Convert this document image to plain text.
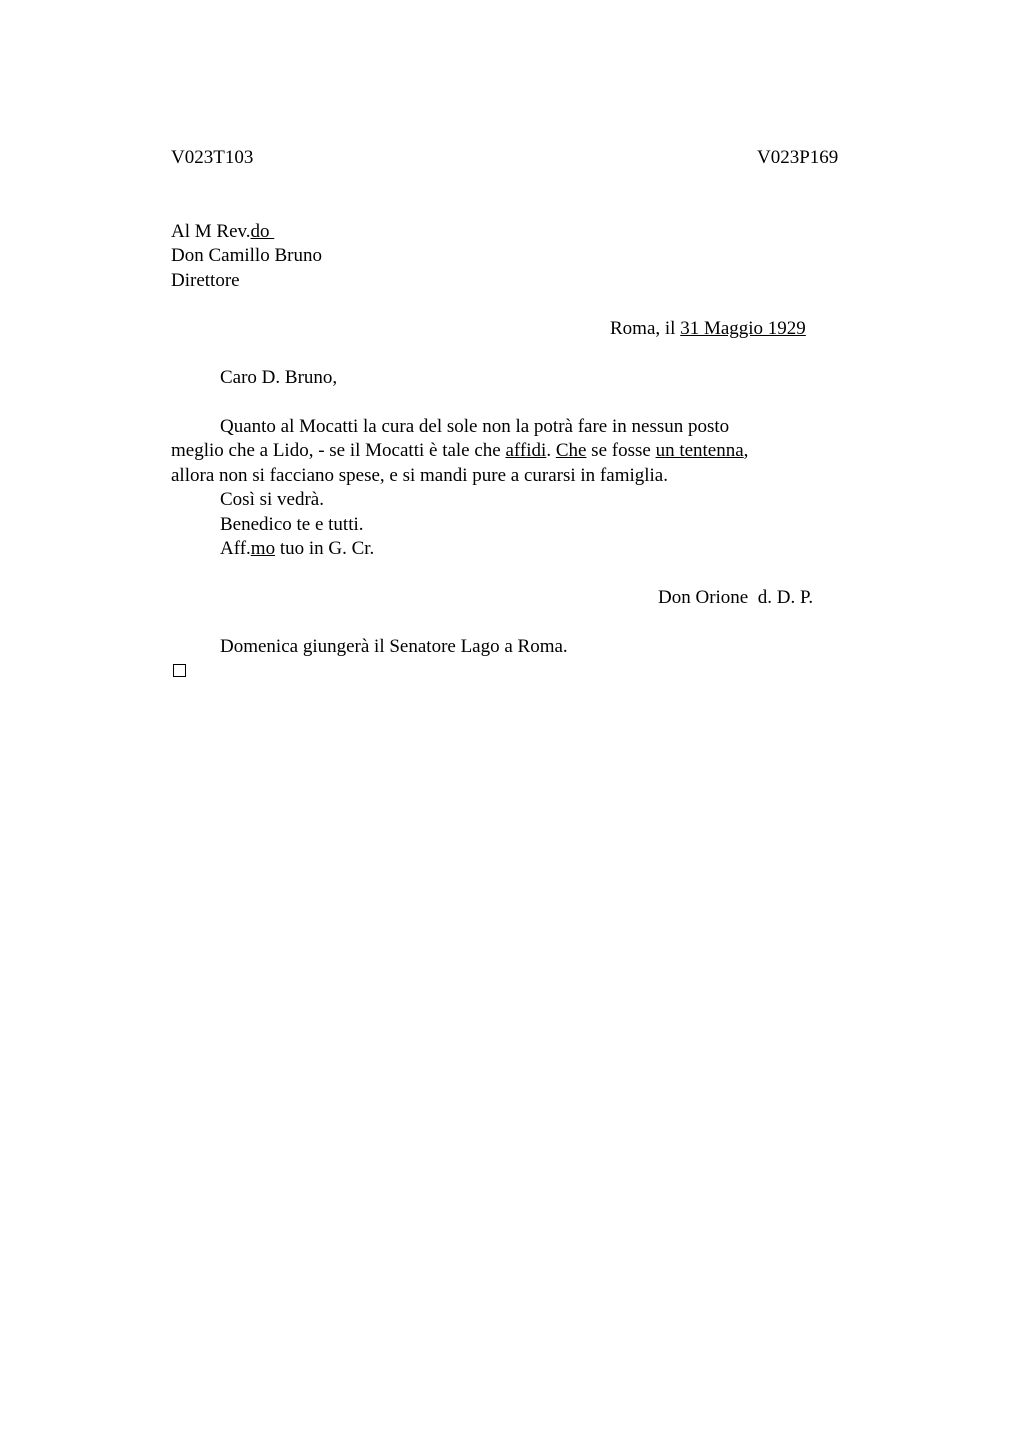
V023T103	V023P169
Al M Rev.do
Don Camillo Bruno
Direttore
Roma, il 31 Maggio 1929
Caro D. Bruno,
Quanto al Mocatti la cura del sole non la potrà fare in nessun posto
meglio che a Lido, - se il Mocatti è tale che affidi. Che se fosse un tentenna,
allora non si facciano spese, e si mandi pure a curarsi in famiglia.
Così si vedrà.
Benedico te e tutti.
Aff.mo tuo in G. Cr.
Don Orione  d. D. P.
Domenica giungerà il Senatore Lago a Roma.
